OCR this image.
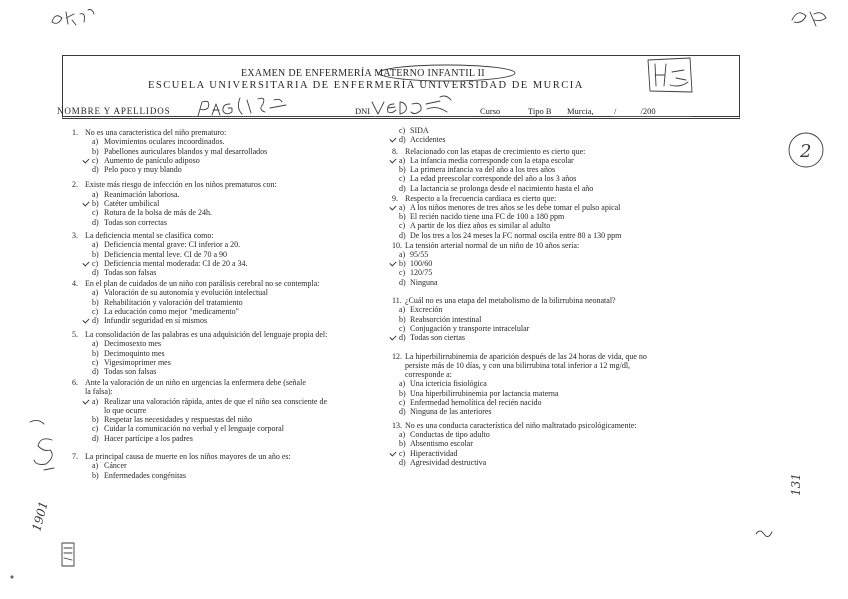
EXAMEN DE ENFERMERÍA MATERNO INFANTIL II
ESCUELA UNIVERSITARIA DE ENFERMERÍA UNIVERSIDAD DE MURCIA
NOMBRE Y APELLIDOS	DNI	Curso	Tipo B Murcia, / /200
1. No es una característica del niño prematuro:
a) Movimientos oculares incoordinados.
b) Pabellones auriculares blandos y mal desarrollados
c) Aumento de panículo adiposo
d) Pelo poco y muy blando
2. Existe más riesgo de infección en los niños prematuros con:
a) Reanimación laboriosa.
b) Catéter umbilical
c) Rotura de la bolsa de más de 24h.
d) Todas son correctas
3. La deficiencia mental se clasifica como:
a) Deficiencia mental grave: CI inferior a 20.
b) Deficiencia mental leve. CI de 70 a 90
c) Deficiencia mental moderada: CI de 20 a 34.
d) Todas son falsas
4. En el plan de cuidados de un niño con parálisis cerebral no se contempla:
a) Valoración de su autonomía y evolución intelectual
b) Rehabilitación y valoración del tratamiento
c) La educación como mejor "medicamento"
d) Infundir seguridad en sí mismos
5. La consolidación de las palabras es una adquisición del lenguaje propia del:
a) Decimosexto mes
b) Decimoquinto mes
c) Vigesimoprimer mes
d) Todas son falsas
6. Ante la valoración de un niño en urgencias la enfermera debe (señale
la falsa):
a) Realizar una valoración rápida, antes de que el niño sea consciente de
lo que ocurre
b) Respetar las necesidades y respuestas del niño
c) Cuidar la comunicación no verbal y el lenguaje corporal
d) Hacer partícipe a los padres
7. La principal causa de muerte en los niños mayores de un año es:
a) Cáncer
b) Enfermedades congénitas
c) SIDA
d) Accidentes
8. Relacionado con las etapas de crecimiento es cierto que:
a) La infancia media corresponde con la etapa escolar
b) La primera infancia va del año a los tres años
c) La edad preescolar corresponde del año a los 3 años
d) La lactancia se prolonga desde el nacimiento hasta el año
9. Respecto a la frecuencia cardiaca es cierto que:
a) A los niños menores de tres años se les debe tomar el pulso apical
b) El recién nacido tiene una FC de 100 a 180 ppm
c) A partir de los diez años es similar al adulto
d) De los tres a los 24 meses la FC normal oscila entre 80 a 130 ppm
10. La tensión arterial normal de un niño de 10 años sería:
a) 95/55
b) 100/60
c) 120/75
d) Ninguna
11. ¿Cuál no es una etapa del metabolismo de la bilirrubina neonatal?
a) Excreción
b) Reabsorción intestinal
c) Conjugación y transporte intracelular
d) Todas son ciertas
12. La hiperbilirrubinemia de aparición después de las 24 horas de vida, que no
persiste más de 10 días, y con una bilirrubina total inferior a 12 mg/dl,
corresponde a:
a) Una ictericia fisiológica
b) Una hiperbilirrubinemia por lactancia materna
c) Enfermedad hemolítica del recién nacido
d) Ninguna de las anteriores
13. No es una conducta característica del niño maltratado psicológicamente:
a) Conductas de tipo adulto
b) Absentismo escolar
c) Hiperactividad
d) Agresividad destructiva
2
1901
131
